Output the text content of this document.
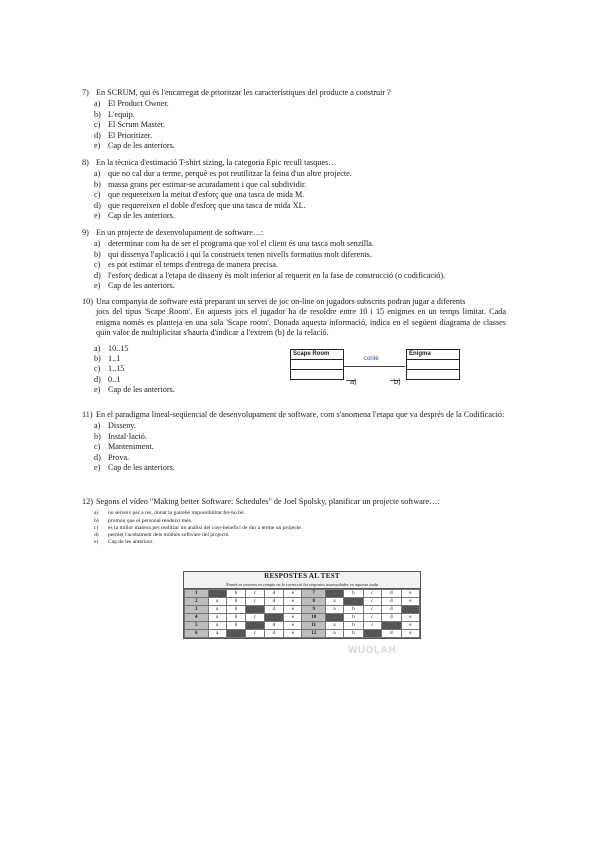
7) En SCRUM, qui és l'encarregat de prioritzar les característiques del producte a construir ?
a) El Product Owner.
b) L'equip.
c) El Scrum Master.
d) El Prioritizer.
e) Cap de les anteriors.
8) En la tècnica d'estimació T-shirt sizing, la categoria Epic recull tasques…
a) que no cal dur a terme, perquè es pot reutilitzar la feina d'un altre projecte.
b) massa grans per estimar-se acuradament i que cal subdividir.
c) que requereixen la meitat d'esforç que una tasca de mida M.
d) que requereixen el doble d'esforç que una tasca de mida XL.
e) Cap de les anteriors.
9) En un projecte de desenvolupament de software…:
a) determinar com ha de ser el programa que vol el client és una tasca molt senzilla.
b) qui dissenya l'aplicació i qui la construeix tenen nivells formatius molt diferents.
c) es pot estimar el temps d'entrega de manera precisa.
d) l'esforç dedicat a l'etapa de disseny és molt inferior al requerit en la fase de construcció (o codificació).
e) Cap de les anteriors.
10) Una companyia de software està preparant un servei de joc on-line on jugadors subscrits podran jugar a diferents
jocs del tipus 'Scape Room'. En aquests jocs el jugador ha de resoldre entre 10 i 15 enigmes en un temps limitat. Cada enigma només es planteja en una sola 'Scape room'. Donada aquesta informació, indica en el següent diagrama de classes quin valor de multiplicitat s'hauria d'indicar a l'extrem (b) de la relació.
a) 10..15
b) 1..1
c) 1..15
d) 0..1
e) Cap de les anteriors.
Scape Room
conté
Enigma
a)	b)
11) En el paradigma lineal-seqüencial de desenvolupament de software, com s'anomena l'etapa que va després de la Codificació:
a) Disseny.
b) Instal·lació.
c) Manteniment.
d) Prova.
e) Cap de les anteriors.
12) Segons el vídeo "Making better Software: Schedules" de Joel Spolsky, planificar un projecte software…:
a) no serveix per a res, donat la gairebé impossibilitat fer-ho bé.
b) promou que el personal rendeixi més.
c) és la millor manera per realitzar un anàlisi del cost-benefici de dur a terme un projecte.
d) permet l'acobament dels mòduls software del projecte.
e) Cap de les anteriors.
RESPOSTES AL TEST
Només es tenaran en compte en la correcció les respostes assenyalades en aquesta taula
1	a	b	c	d	e	7	a	b	c	d	e
2	a	b	c	d	e	8	a	b	c	d	e
3	a	b	c	d	e	9	a	b	c	d	e
4	a	b	c	d	e	10	a	b	c	d	e
5	a	b	c	d	e	11	a	b	c	d	e
6	a	b	c	d	e	12	a	b	c	d	e
WUOLAH
